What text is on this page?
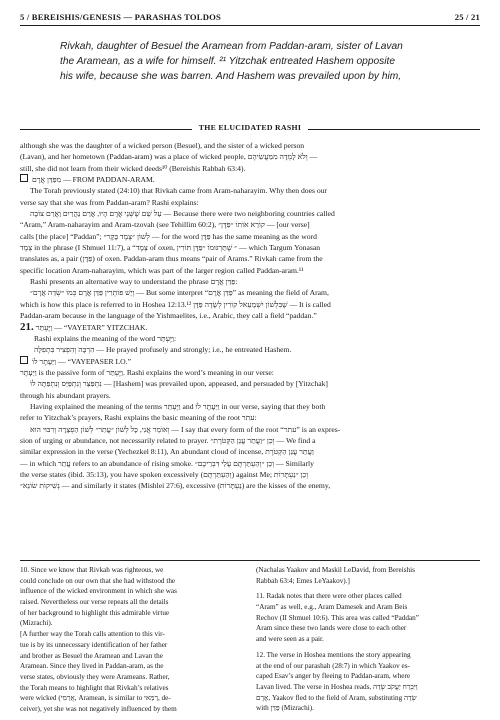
5 / BEREISHIS/GENESIS — PARASHAS TOLDOS	25 / 21
Rivkah, daughter of Besuel the Aramean from Paddan-aram, sister of Lavan
the Aramean, as a wife for himself. ²¹ Yitzchak entreated Hashem opposite
his wife, because she was barren. And Hashem was prevailed upon by him,
THE ELUCIDATED RASHI
although she was the daughter of a wicked person (Besuel), and the sister of a wicked person
(Lavan), and her hometown (Paddan-aram) was a place of wicked people, וְלֹא לָמְדָה מִמַּעֲשֵׂיהֶם —
still, she did not learn from their wicked deeds¹⁰ (Bereishis Rabbah 63:4).
מִפַּדַּן אֲרָם — FROM PADDAN-ARAM.
The Torah previously stated (24:10) that Rivkah came from Aram-naharayim. Why then does our
verse say that she was from Paddan-aram? Rashi explains:
עַל שֵׁם שֶׁשְּׁנֵי אֲרָם הָיוּ, אֲרַם נַהֲרַיִם וַאֲרַם צוֹבָה — Because there were two neighboring countries called
“Aram,” Aram-naharayim and Aram-tzovah (see Tehillim 60:2), קוֹרֵא אוֹתוֹ ״פַּדָּן״ — [our verse]
calls [the place] “Paddan”; לְשׁוֹן ״צֶמֶד בָּקָר״ — for the word פַּדָּן has the same meaning as the word
צֶמֶד in the phrase (I Shmuel 11:7), a “צֶמֶד of oxen, ״ שֶׁתַּרְגּוּמוֹ ״פַּדָּן תּוֹרִין — which Targum Yonasan
translates as, a pair (פַּדָּן) of oxen. Paddan-aram thus means “pair of Arams.” Rivkah came from the
specific location Aram-naharayim, which was part of the larger region called Paddan-aram.¹¹
Rashi presents an alternative way to understand the phrase פַּדַּן אֲרָם:
וְיֵשׁ פּוֹתְרִין פַּדַּן אֲרָם כְּמוֹ ״שְׂדֵה אֲרָם״ — But some interpret “פַּדַּן אֲרָם” as meaning the field of Aram,
which is how this place is referred to in Hoshea 12:13.¹² שֶׁבִּלְשׁוֹן יִשְׁמָעֵאל קוֹרִין לְשָׂדֶה פַּדָּן — It is called
Paddan-aram because in the language of the Yishmaelites, i.e., Arabic, they call a field “paddan.”
21. וַיֶּעְתַּר — “VAYETAR” YITZCHAK.
Rashi explains the meaning of the word וַיֶּעְתַּר:
הִרְבָּה וְהִפְצִיר בִּתְפִלָּה — He prayed profusely and strongly; i.e., he entreated Hashem.
וַיֵּעָתֶר לוֹ — “VAYEPASER LO.”
וַיֵּעָתֶר is the passive form of וַיֶּעְתַּר. Rashi explains the word’s meaning in our verse:
נִתְפַּצֵּר וְנִתְפַּיֵּס וְנִתְפַּתָּה לוֹ — [Hashem] was prevailed upon, appeased, and persuaded by [Yitzchak]
through his abundant prayers.
Having explained the meaning of the terms וַיֶּעְתַּר and וַיֵּעָתֶר לוֹ in our verse, saying that they both
refer to Yitzchak’s prayers, Rashi explains the basic meaning of the root עתר:
וְאוֹמֵר אֲנִי, כָּל לְשׁוֹן ״עֲתִר״ לְשׁוֹן הַפְצָרָה וְרִבּוּי הוּא — I say that every form of the root “עתר” is an expres-
sion of urging or abundance, not necessarily related to prayer. וְכֵן ״וַעֲתַר עֲנַן הַקְּטֹרֶת״ — We find a
similar expression in the verse (Yechezkel 8:11), An abundant cloud of incense, וַעֲתַר עֲנַן הַקְּטֹרֶת
— in which עֲתַר refers to an abundance of rising smoke. וְכֵן ״וְהַעְתַּרְתֶּם עָלַי דִּבְרֵיכֶם״ — Similarly
the verse states (ibid. 35:13), you have spoken excessively (וְהַעְתַּרְתֶּם) against Me; וְכֵן ״נַעְתָּרוֹת
נְשִׁיקוֹת שׂוֹנֵא״ — and similarly it states (Mishlei 27:6), excessive (נַעְתָּרוֹת) are the kisses of the enemy,
10. Since we know that Rivkah was righteous, we
could conclude on our own that she had withstood the
influence of the wicked environment in which she was
raised. Nevertheless our verse repeats all the details
of her background to highlight this admirable virtue
(Mizrachi).
[A further way the Torah calls attention to this vir-
tue is by its unnecessary identification of her father
and brother as Besuel the Aramean and Lavan the
Aramean. Since they lived in Paddan-aram, as the
verse states, obviously they were Arameans. Rather,
the Torah means to highlight that Rivkah’s relatives
were wicked (אֲרַמִּי, Aramean, is similar to רַמַּאי, de-
ceiver), yet she was not negatively influenced by them
(Nachalas Yaakov and Maskil LeDavid, from Bereishis
Rabbah 63:4; Emes LeYaakov).]
11. Radak notes that there were other places called
“Aram” as well, e.g., Aram Damesek and Aram Beis
Rechov (II Shmuel 10:6). This area was called “Paddan”
Aram since these two lands were close to each other
and were seen as a pair.
12. The verse in Hoshea mentions the story appearing
at the end of our parashah (28:7) in which Yaakov es-
caped Esav’s anger by fleeing to Paddan-aram, where
Lavan lived. The verse in Hoshea reads, וַיִּבְרַח יַעֲקֹב שְׂדֵה
אֲרָם, Yaakov fled to the field of Aram, substituting שְׂדֵה
with פַּדַּן (Mizrachi).
